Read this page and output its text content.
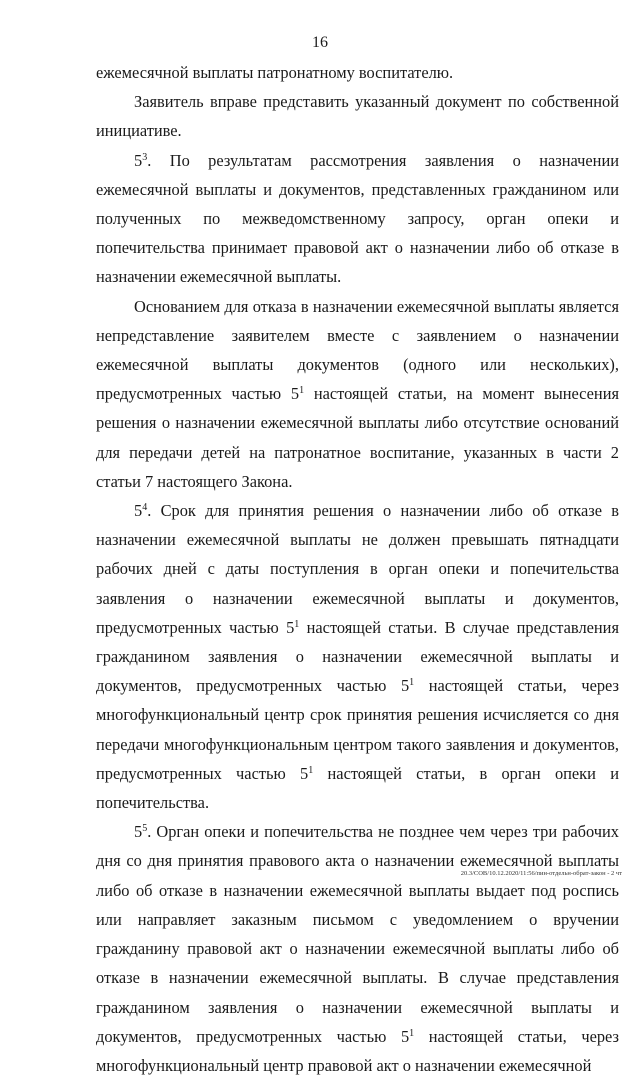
16

ежемесячной выплаты патронатному воспитателю.

Заявитель вправе представить указанный документ по собственной инициативе.

$5^3$. По результатам рассмотрения заявления о назначении ежемесячной выплаты и документов, представленных гражданином или полученных по межведомственному запросу, орган опеки и попечительства принимает правовой акт о назначении либо об отказе в назначении ежемесячной выплаты.

Основанием для отказа в назначении ежемесячной выплаты является непредставление заявителем вместе с заявлением о назначении ежемесячной выплаты документов (одного или нескольких), предусмотренных частью $5^1$ настоящей статьи, на момент вынесения решения о назначении ежемесячной выплаты либо отсутствие оснований для передачи детей на патронатное воспитание, указанных в части 2 статьи 7 настоящего Закона.

$5^4$. Срок для принятия решения о назначении либо об отказе в назначении ежемесячной выплаты не должен превышать пятнадцати рабочих дней с даты поступления в орган опеки и попечительства заявления о назначении ежемесячной выплаты и документов, предусмотренных частью $5^1$ настоящей статьи. В случае представления гражданином заявления о назначении ежемесячной выплаты и документов, предусмотренных частью $5^1$ настоящей статьи, через многофункциональный центр срок принятия решения исчисляется со дня передачи многофункциональным центром такого заявления и документов, предусмотренных частью $5^1$ настоящей статьи, в орган опеки и попечительства.

$5^5$. Орган опеки и попечительства не позднее чем через три рабочих дня со дня принятия правового акта о назначении ежемесячной выплаты либо об отказе в назначении ежемесячной выплаты выдает под роспись или направляет заказным письмом с уведомлением о вручении гражданину правовой акт о назначении ежемесячной выплаты либо об отказе в назначении ежемесячной выплаты. В случае представления гражданином заявления о назначении ежемесячной выплаты и документов, предусмотренных частью $5^1$ настоящей статьи, через многофункциональный центр правовой акт о назначении ежемесячной

20.3/СОВ/10.12.2020/11:56/пин-отдельн-обрат-закон - 2 чт
